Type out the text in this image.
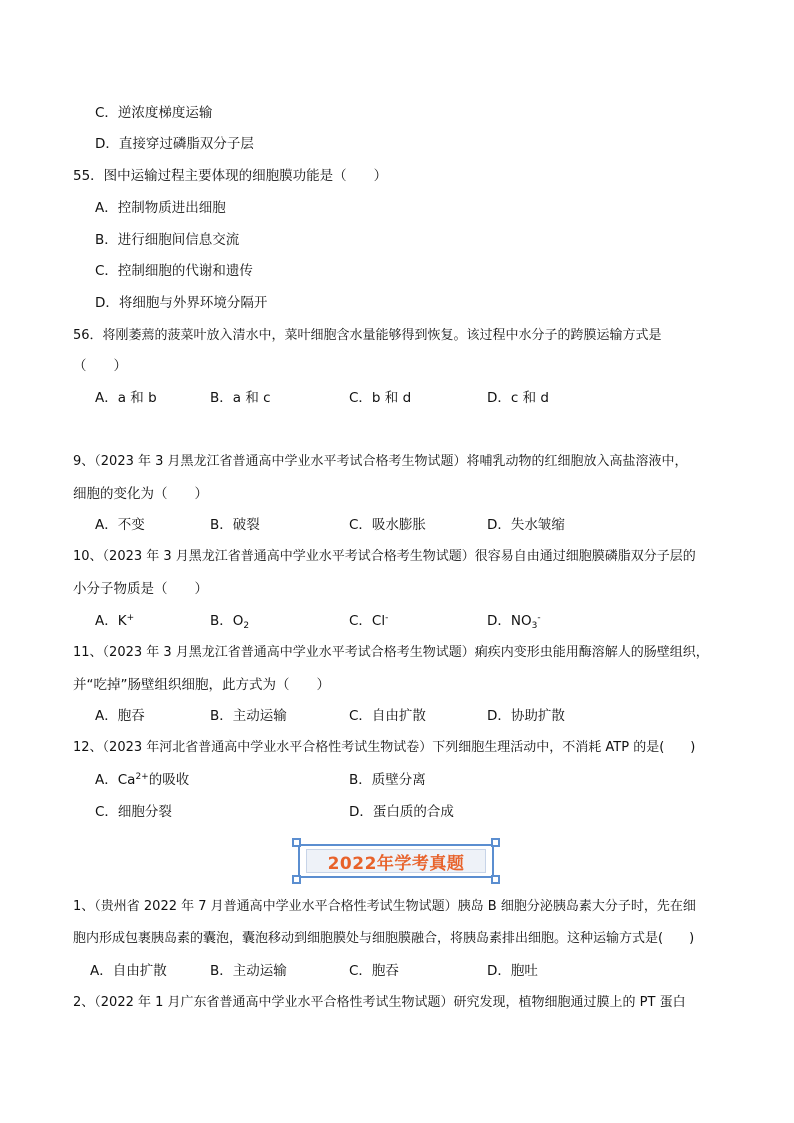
C．逆浓度梯度运输
D．直接穿过磷脂双分子层
55．图中运输过程主要体现的细胞膜功能是（　　）
A．控制物质进出细胞
B．进行细胞间信息交流
C．控制细胞的代谢和遗传
D．将细胞与外界环境分隔开
56．将刚萎蔫的菠菜叶放入清水中，菜叶细胞含水量能够得到恢复。该过程中水分子的跨膜运输方式是
（　　）
A．a 和 b	B．a 和 c	C．b 和 d	D．c 和 d
9、（2023 年 3 月黑龙江省普通高中学业水平考试合格考生物试题）将哺乳动物的红细胞放入高盐溶液中，
细胞的变化为（　　）
A．不变	B．破裂	C．吸水膨胀	D．失水皱缩
10、（2023 年 3 月黑龙江省普通高中学业水平考试合格考生物试题）很容易自由通过细胞膜磷脂双分子层的
小分子物质是（　　）
A．K+	B．$O_2$	C．Cl-	D．$NO_3^-$
11、（2023 年 3 月黑龙江省普通高中学业水平考试合格考生物试题）痢疾内变形虫能用酶溶解人的肠壁组织，
并“吃掉”肠壁组织细胞，此方式为（　　）
A．胞吞	B．主动运输	C．自由扩散	D．协助扩散
12、（2023 年河北省普通高中学业水平合格性考试生物试卷）下列细胞生理活动中，不消耗 ATP 的是(　　)
A．$Ca^{2+}$的吸收	B．质壁分离
C．细胞分裂	D．蛋白质的合成
2022年学考真题
1、（贵州省 2022 年 7 月普通高中学业水平合格性考试生物试题）胰岛 B 细胞分泌胰岛素大分子时，先在细
胞内形成包裹胰岛素的囊泡，囊泡移动到细胞膜处与细胞膜融合，将胰岛素排出细胞。这种运输方式是(　　)
A．自由扩散	B．主动运输	C．胞吞	D．胞吐
2、（2022 年 1 月广东省普通高中学业水平合格性考试生物试题）研究发现，植物细胞通过膜上的 PT 蛋白
